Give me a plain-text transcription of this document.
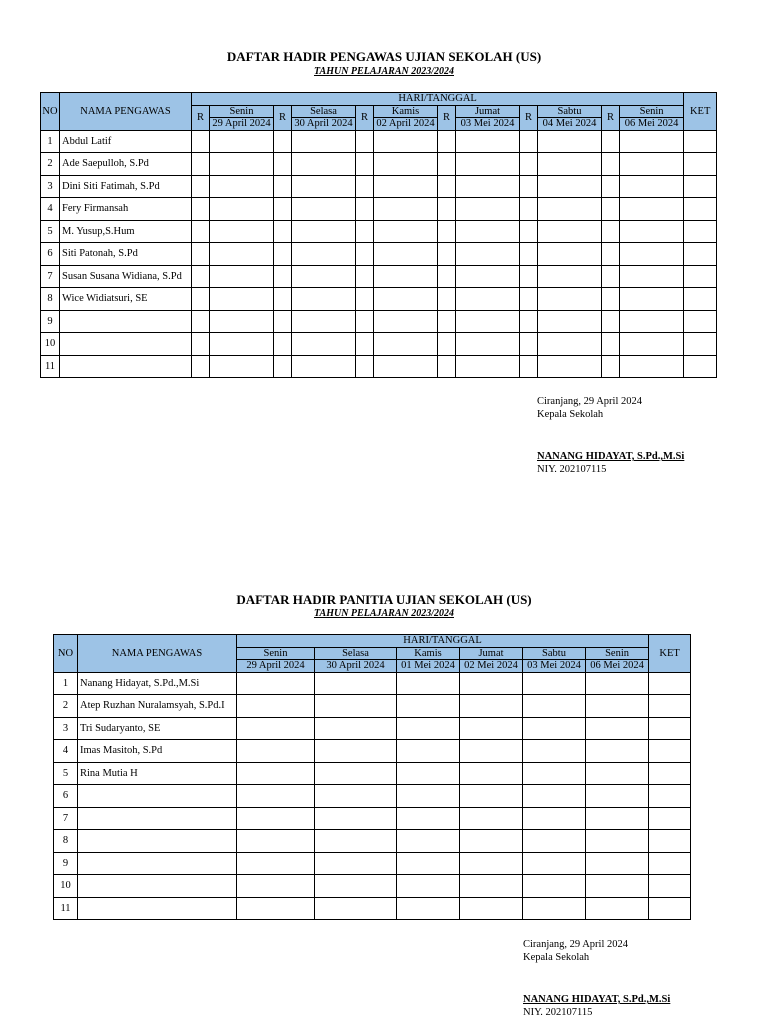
DAFTAR HADIR PENGAWAS UJIAN SEKOLAH (US)
TAHUN PELAJARAN 2023/2024
NO	NAMA PENGAWAS	HARI/TANGGAL												KET
		R	Senin	R	Selasa	R	Kamis	R	Jumat	R	Sabtu	R	Senin	
			29 April 2024		30 April 2024		02 April 2024		03 Mei 2024		04 Mei 2024		06 Mei 2024	
1	Abdul Latif													
2	Ade Saepulloh, S.Pd													
3	Dini Siti Fatimah, S.Pd													
4	Fery Firmansah													
5	M. Yusup,S.Hum													
6	Siti Patonah, S.Pd													
7	Susan Susana Widiana, S.Pd													
8	Wice Widiatsuri, SE													
9														
10														
11														
Ciranjang, 29 April 2024
Kepala Sekolah
NANANG HIDAYAT, S.Pd.,M.Si
NIY. 202107115
DAFTAR HADIR PANITIA UJIAN SEKOLAH (US)
TAHUN PELAJARAN 2023/2024
NO	NAMA PENGAWAS	HARI/TANGGAL						KET
		Senin	Selasa	Kamis	Jumat	Sabtu	Senin	
		29 April 2024	30 April 2024	01 Mei 2024	02 Mei 2024	03 Mei 2024	06 Mei 2024	
1	Nanang Hidayat, S.Pd.,M.Si							
2	Atep Ruzhan Nuralamsyah, S.Pd.I							
3	Tri Sudaryanto, SE							
4	Imas Masitoh, S.Pd							
5	Rina Mutia H							
6								
7								
8								
9								
10								
11								
Ciranjang, 29 April 2024
Kepala Sekolah
NANANG HIDAYAT, S.Pd.,M.Si
NIY. 202107115
